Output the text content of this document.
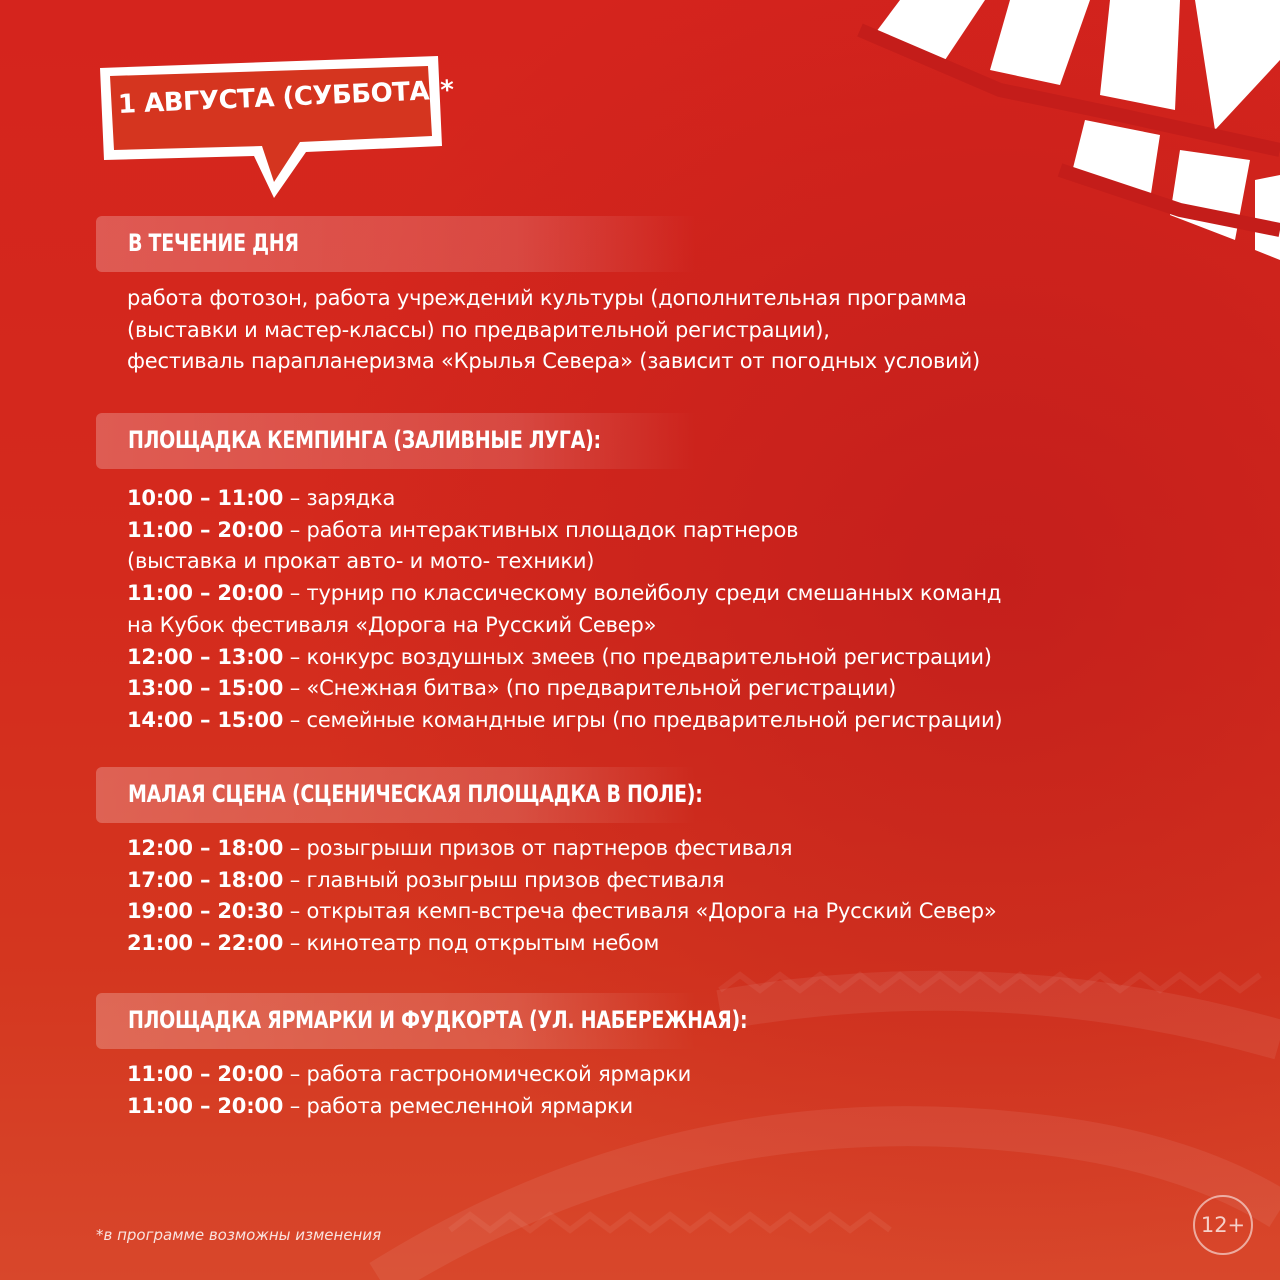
1 АВГУСТА (СУББОТА)*
В ТЕЧЕНИЕ ДНЯ
работа фотозон, работа учреждений культуры (дополнительная программа
(выставки и мастер-классы) по предварительной регистрации),
фестиваль парапланеризма «Крылья Севера» (зависит от погодных условий)
ПЛОЩАДКА КЕМПИНГА (ЗАЛИВНЫЕ ЛУГА):
10:00 – 11:00 – зарядка
11:00 – 20:00 – работа интерактивных площадок партнеров
(выставка и прокат авто- и мото- техники)
11:00 – 20:00 – турнир по классическому волейболу среди смешанных команд
на Кубок фестиваля «Дорога на Русский Север»
12:00 – 13:00 – конкурс воздушных змеев (по предварительной регистрации)
13:00 – 15:00 – «Снежная битва» (по предварительной регистрации)
14:00 – 15:00 – семейные командные игры (по предварительной регистрации)
МАЛАЯ СЦЕНА (СЦЕНИЧЕСКАЯ ПЛОЩАДКА В ПОЛЕ):
12:00 – 18:00 – розыгрыши призов от партнеров фестиваля
17:00 – 18:00 – главный розыгрыш призов фестиваля
19:00 – 20:30 – открытая кемп-встреча фестиваля «Дорога на Русский Север»
21:00 – 22:00 – кинотеатр под открытым небом
ПЛОЩАДКА ЯРМАРКИ И ФУДКОРТА (УЛ. НАБЕРЕЖНАЯ):
11:00 – 20:00 – работа гастрономической ярмарки
11:00 – 20:00 – работа ремесленной ярмарки
*в программе возможны изменения	12+
